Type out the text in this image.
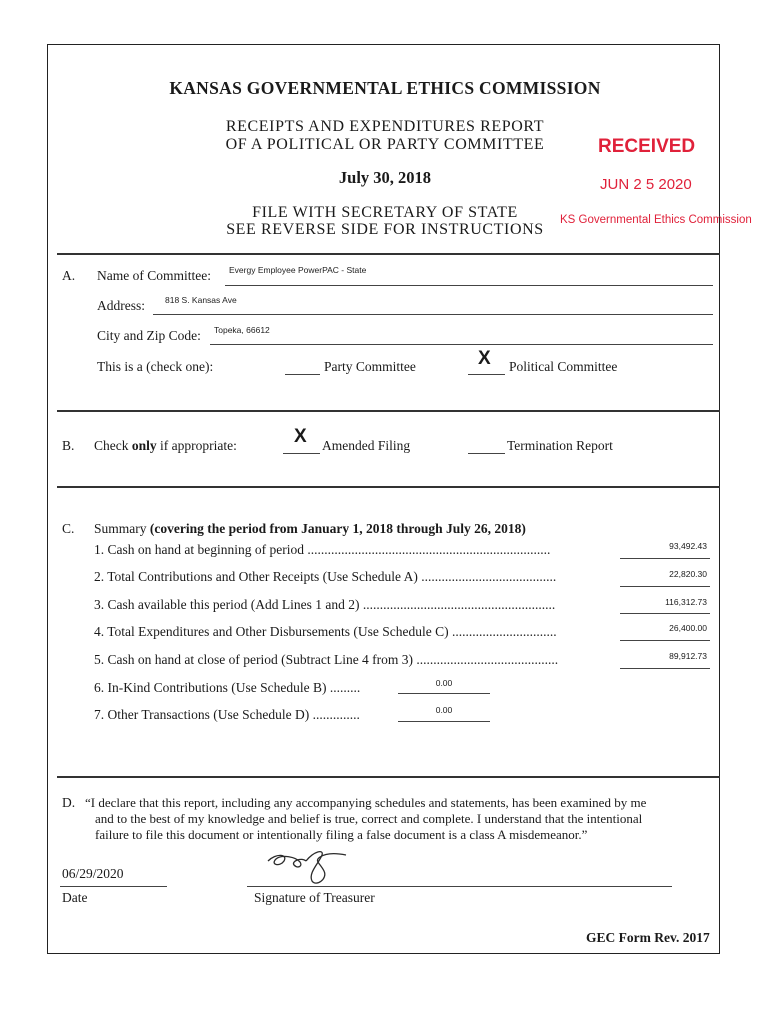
KANSAS GOVERNMENTAL ETHICS COMMISSION
RECEIPTS AND EXPENDITURES REPORT
OF A POLITICAL OR PARTY COMMITTEE
July 30, 2018
FILE WITH SECRETARY OF STATE
SEE REVERSE SIDE FOR INSTRUCTIONS
RECEIVED
JUN 2 5 2020
KS Governmental Ethics Commission
A. Name of Committee: Evergy Employee PowerPAC - State
Address: 818 S. Kansas Ave
City and Zip Code: Topeka, 66612
This is a (check one):	Party Committee	X Political Committee
B. Check only if appropriate:	X Amended Filing	Termination Report
C. Summary (covering the period from January 1, 2018 through July 26, 2018)
1. Cash on hand at beginning of period ........................................................................	93,492.43
2. Total Contributions and Other Receipts (Use Schedule A) ........................................	22,820.30
3. Cash available this period (Add Lines 1 and 2) .........................................................	116,312.73
4. Total Expenditures and Other Disbursements (Use Schedule C) ...............................	26,400.00
5. Cash on hand at close of period (Subtract Line 4 from 3) ..........................................	89,912.73
6. In-Kind Contributions (Use Schedule B) .........	0.00
7. Other Transactions (Use Schedule D) ..............	0.00
D. “I declare that this report, including any accompanying schedules and statements, has been examined by me
and to the best of my knowledge and belief is true, correct and complete. I understand that the intentional
failure to file this document or intentionally filing a false document is a class A misdemeanor.”
06/29/2020
Date	Signature of Treasurer
GEC Form Rev. 2017
